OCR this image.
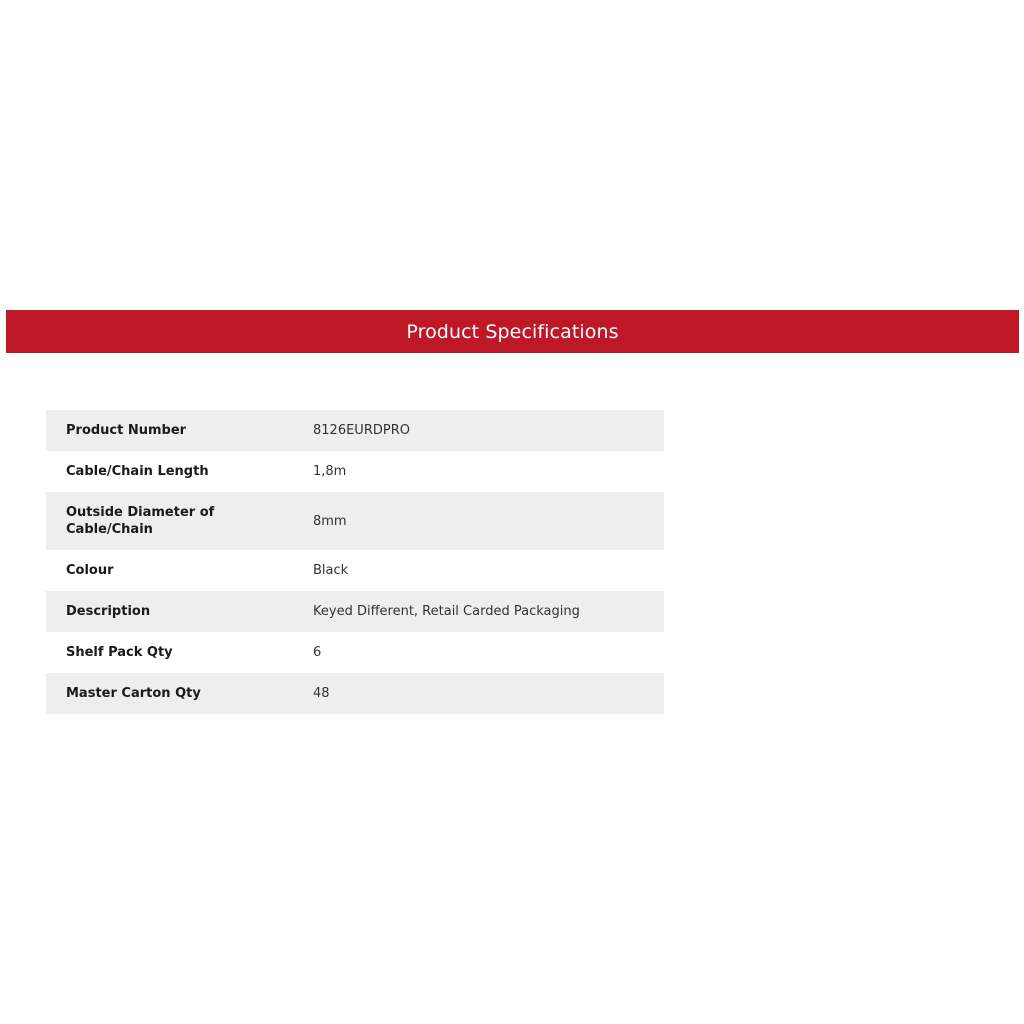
Product Specifications
Product Number	8126EURDPRO
Cable/Chain Length	1,8m
Outside Diameter of Cable/Chain	8mm
Colour	Black
Description	Keyed Different, Retail Carded Packaging
Shelf Pack Qty	6
Master Carton Qty	48
